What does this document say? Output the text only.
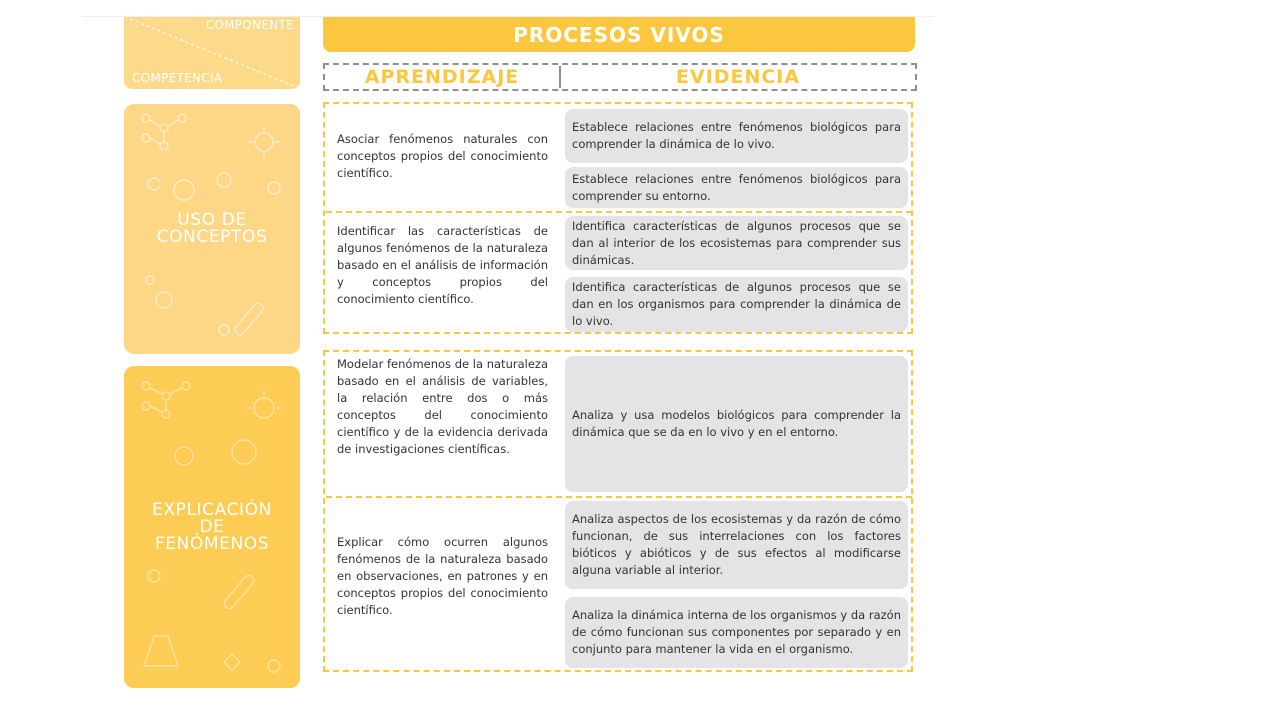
COMPONENTE
COMPETENCIA
USO DE
CONCEPTOS
EXPLICACIÓN
DE
FENÓMENOS
PROCESOS VIVOS
APRENDIZAJE	EVIDENCIA
Asociar fenómenos naturales con conceptos propios del conocimiento científico.
Establece relaciones entre fenómenos biológicos para comprender la dinámica de lo vivo.
Establece relaciones entre fenómenos biológicos para comprender su entorno.
Identificar las características de algunos fenómenos de la naturaleza basado en el análisis de información y conceptos propios del conocimiento científico.
Identifica características de algunos procesos que se dan al interior de los ecosistemas para comprender sus dinámicas.
Identifica características de algunos procesos que se dan en los organismos para comprender la dinámica de lo vivo.
Modelar fenómenos de la naturaleza basado en el análisis de variables, la relación entre dos o más conceptos del conocimiento científico y de la evidencia derivada de investigaciones científicas.
Analiza y usa modelos biológicos para comprender la dinámica que se da en lo vivo y en el entorno.
Explicar cómo ocurren algunos fenómenos de la naturaleza basado en observaciones, en patrones y en conceptos propios del conocimiento científico.
Analiza aspectos de los ecosistemas y da razón de cómo funcionan, de sus interrelaciones con los factores bióticos y abióticos y de sus efectos al modificarse alguna variable al interior.
Analiza la dinámica interna de los organismos y da razón de cómo funcionan sus componentes por separado y en conjunto para mantener la vida en el organismo.
